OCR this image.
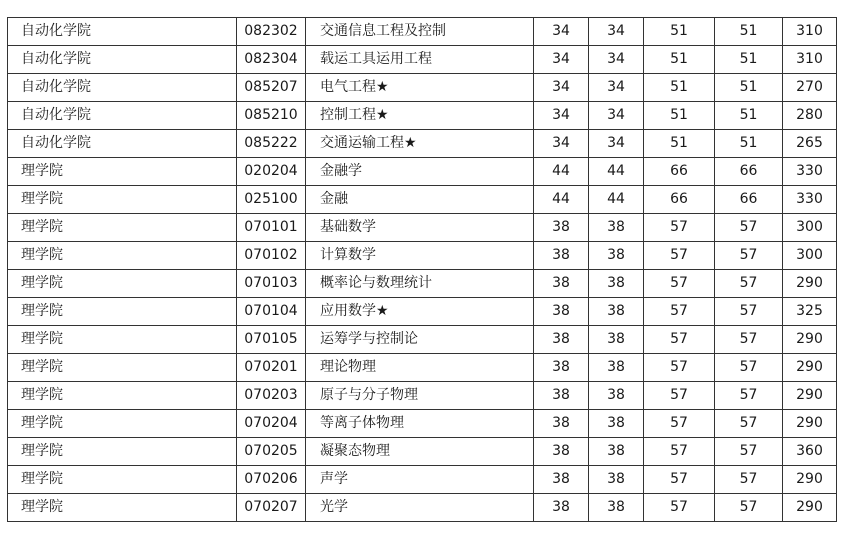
自动化学院	082302	交通信息工程及控制	34	34	51	51	310
自动化学院	082304	载运工具运用工程	34	34	51	51	310
自动化学院	085207	电气工程★	34	34	51	51	270
自动化学院	085210	控制工程★	34	34	51	51	280
自动化学院	085222	交通运输工程★	34	34	51	51	265
理学院	020204	金融学	44	44	66	66	330
理学院	025100	金融	44	44	66	66	330
理学院	070101	基础数学	38	38	57	57	300
理学院	070102	计算数学	38	38	57	57	300
理学院	070103	概率论与数理统计	38	38	57	57	290
理学院	070104	应用数学★	38	38	57	57	325
理学院	070105	运筹学与控制论	38	38	57	57	290
理学院	070201	理论物理	38	38	57	57	290
理学院	070203	原子与分子物理	38	38	57	57	290
理学院	070204	等离子体物理	38	38	57	57	290
理学院	070205	凝聚态物理	38	38	57	57	360
理学院	070206	声学	38	38	57	57	290
理学院	070207	光学	38	38	57	57	290
